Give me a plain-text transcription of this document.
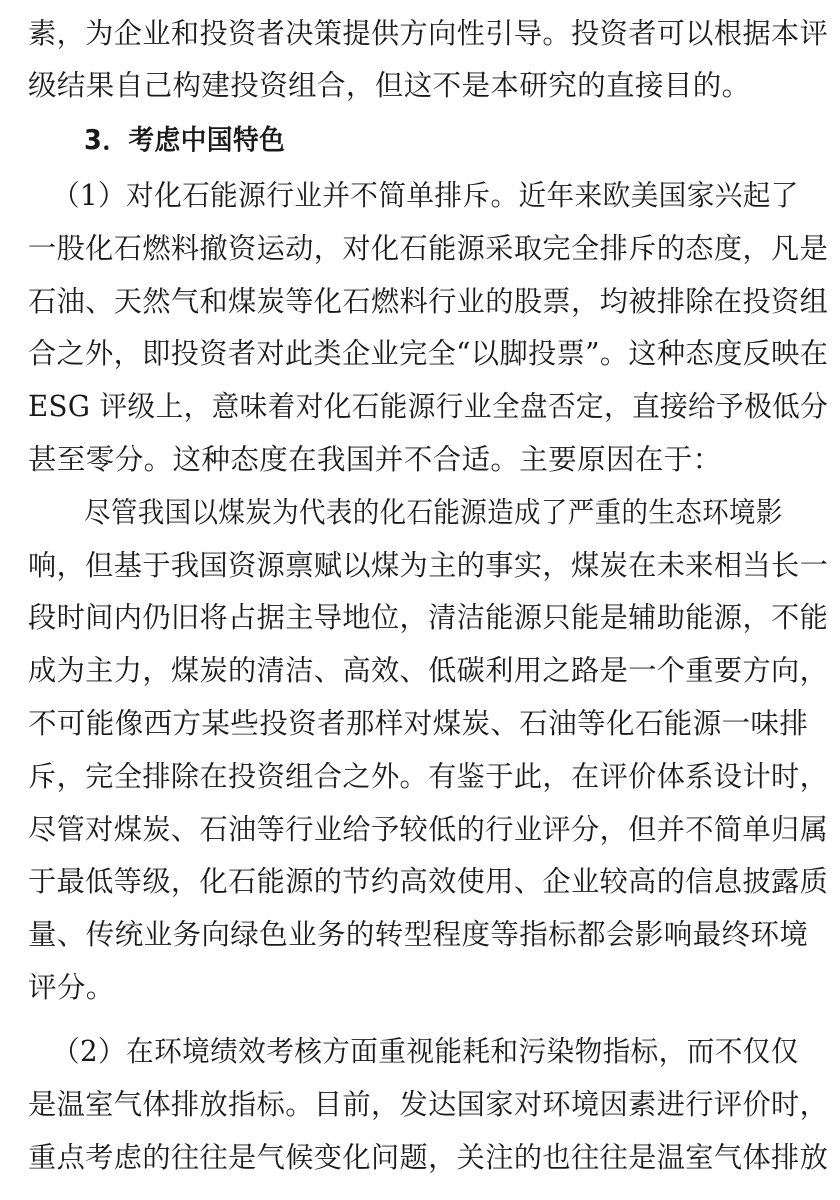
素，为企业和投资者决策提供方向性引导。投资者可以根据本评

级结果自己构建投资组合，但这不是本研究的直接目的。

3．考虑中国特色

（1）对化石能源行业并不简单排斥。近年来欧美国家兴起了

一股化石燃料撤资运动，对化石能源采取完全排斥的态度，凡是

石油、天然气和煤炭等化石燃料行业的股票，均被排除在投资组

合之外，即投资者对此类企业完全“以脚投票”。这种态度反映在

ESG 评级上，意味着对化石能源行业全盘否定，直接给予极低分

甚至零分。这种态度在我国并不合适。主要原因在于：

尽管我国以煤炭为代表的化石能源造成了严重的生态环境影

响，但基于我国资源禀赋以煤为主的事实，煤炭在未来相当长一

段时间内仍旧将占据主导地位，清洁能源只能是辅助能源，不能

成为主力，煤炭的清洁、高效、低碳利用之路是一个重要方向，

不可能像西方某些投资者那样对煤炭、石油等化石能源一味排

斥，完全排除在投资组合之外。有鉴于此，在评价体系设计时，

尽管对煤炭、石油等行业给予较低的行业评分，但并不简单归属

于最低等级，化石能源的节约高效使用、企业较高的信息披露质

量、传统业务向绿色业务的转型程度等指标都会影响最终环境

评分。

（2）在环境绩效考核方面重视能耗和污染物指标，而不仅仅

是温室气体排放指标。目前，发达国家对环境因素进行评价时，

重点考虑的往往是气候变化问题，关注的也往往是温室气体排放
